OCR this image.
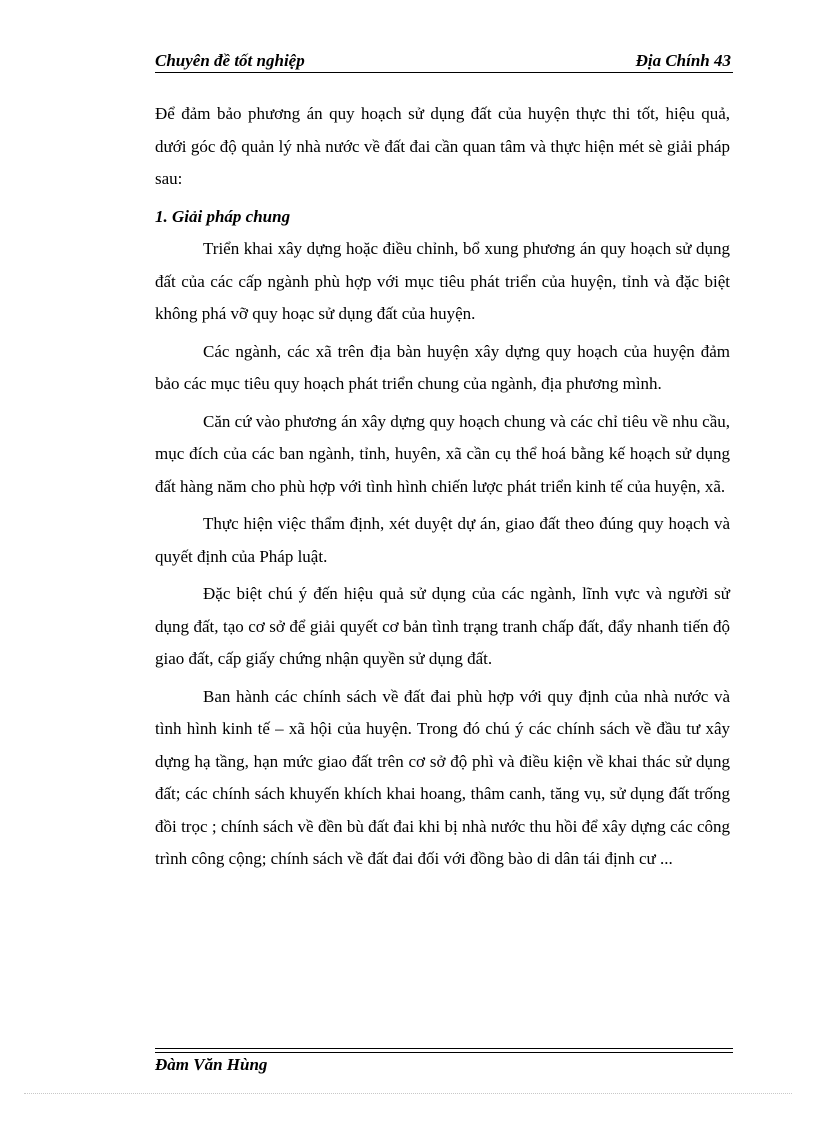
Chuyên đề tốt nghiệp	Địa Chính 43

Để đảm bảo phương án quy hoạch sử dụng đất của huyện thực thi tốt, hiệu quả, dưới góc độ quản lý nhà nước về đất đai cần quan tâm và thực hiện mét sè giải pháp sau:

1. Giải pháp chung

Triển khai xây dựng hoặc điều chỉnh, bổ xung phương án quy hoạch sử dụng đất của các cấp ngành phù hợp với mục tiêu phát triển của huyện, tỉnh và đặc biệt không phá vỡ quy hoạc sử dụng đất của huyện.

Các ngành, các xã trên địa bàn huyện xây dựng quy hoạch của huyện đảm bảo các mục tiêu quy hoạch phát triển chung của ngành, địa phương mình.

Căn cứ vào phương án xây dựng quy hoạch chung và các chỉ tiêu về nhu cầu, mục đích của các ban ngành, tỉnh, huyên, xã cần cụ thể hoá bằng kế hoạch sử dụng đất hàng năm cho phù hợp với tình hình chiến lược phát triển kinh tế của huyện, xã.

Thực hiện việc thẩm định, xét duyệt dự án, giao đất theo đúng quy hoạch và quyết định của Pháp luật.

Đặc biệt chú ý đến hiệu quả sử dụng của các ngành, lĩnh vực và người sử dụng đất, tạo cơ sở để giải quyết cơ bản tình trạng tranh chấp đất, đẩy nhanh tiến độ giao đất, cấp giấy chứng nhận quyền sử dụng đất.

Ban hành các chính sách về đất đai phù hợp với quy định của nhà nước và tình hình kinh tế – xã hội của huyện. Trong đó chú ý các chính sách về đầu tư xây dựng hạ tầng, hạn mức giao đất trên cơ sở độ phì và điều kiện về khai thác sử dụng đất; các chính sách khuyến khích khai hoang, thâm canh, tăng vụ, sử dụng đất trống đồi trọc ; chính sách về đền bù đất đai khi bị nhà nước thu hồi để xây dựng các công trình công cộng; chính sách về đất đai đối với đồng bào di dân tái định cư ...

Đàm Văn Hùng
